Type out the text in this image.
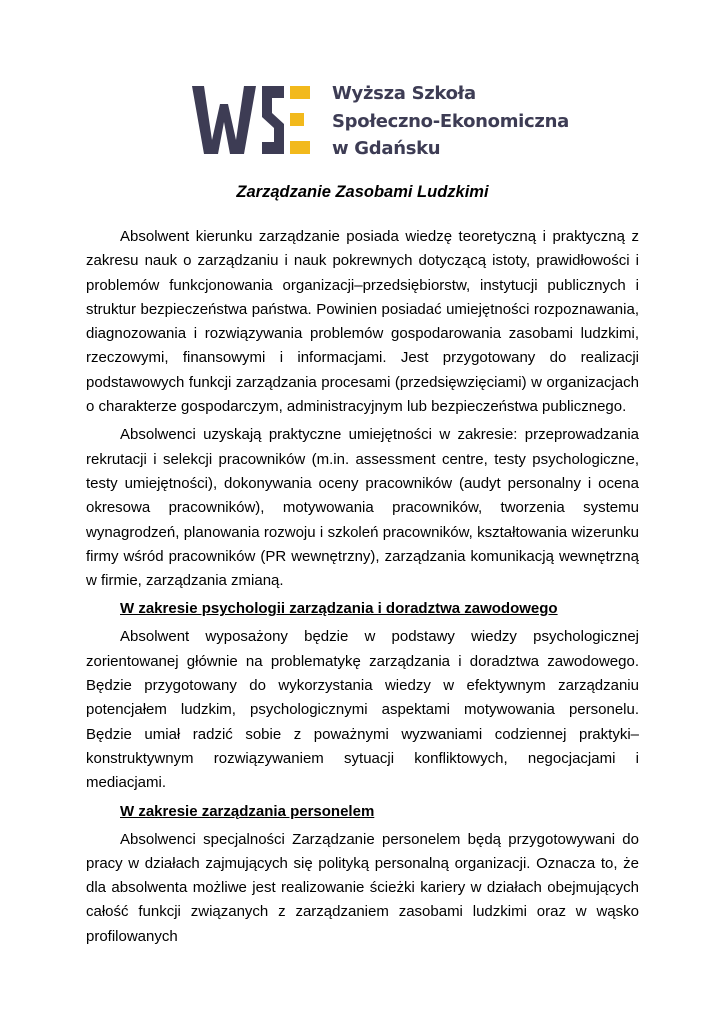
Wyższa Szkoła
Społeczno-Ekonomiczna
w Gdańsku
Zarządzanie Zasobami Ludzkimi

Absolwent kierunku zarządzanie posiada wiedzę teoretyczną i praktyczną z zakresu nauk o zarządzaniu i nauk pokrewnych dotyczącą istoty, prawidłowości i problemów funkcjonowania organizacji–przedsiębiorstw, instytucji publicznych i struktur bezpieczeństwa państwa. Powinien posiadać umiejętności rozpoznawania, diagnozowania i rozwiązywania problemów gospodarowania zasobami ludzkimi, rzeczowymi, finansowymi i informacjami. Jest przygotowany do realizacji podstawowych funkcji zarządzania procesami (przedsięwzięciami) w organizacjach o charakterze gospodarczym, administracyjnym lub bezpieczeństwa publicznego.

Absolwenci uzyskają praktyczne umiejętności w zakresie: przeprowadzania rekrutacji i selekcji pracowników (m.in. assessment centre, testy psychologiczne, testy umiejętności), dokonywania oceny pracowników (audyt personalny i ocena okresowa pracowników), motywowania pracowników, tworzenia systemu wynagrodzeń, planowania rozwoju i szkoleń pracowników, kształtowania wizerunku firmy wśród pracowników (PR wewnętrzny), zarządzania komunikacją wewnętrzną w firmie, zarządzania zmianą.

W zakresie psychologii zarządzania i doradztwa zawodowego

Absolwent wyposażony będzie w podstawy wiedzy psychologicznej zorientowanej głównie na problematykę zarządzania i doradztwa zawodowego. Będzie przygotowany do wykorzystania wiedzy w efektywnym zarządzaniu potencjałem ludzkim, psychologicznymi aspektami motywowania personelu. Będzie umiał radzić sobie z poważnymi wyzwaniami codziennej praktyki–konstruktywnym rozwiązywaniem sytuacji konfliktowych, negocjacjami i mediacjami.

W zakresie zarządzania personelem

Absolwenci specjalności Zarządzanie personelem będą przygotowywani do pracy w działach zajmujących się polityką personalną organizacji. Oznacza to, że dla absolwenta możliwe jest realizowanie ścieżki kariery w działach obejmujących całość funkcji związanych z zarządzaniem zasobami ludzkimi oraz w wąsko profilowanych
